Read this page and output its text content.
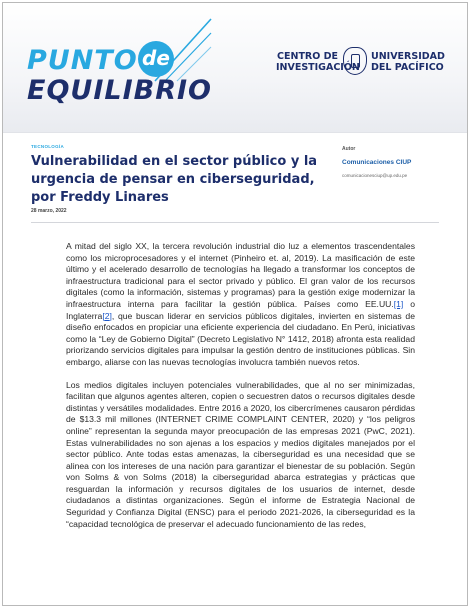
PUNTO de
EQUILIBRIO
CENTRO DE
INVESTIGACIÓN
UNIVERSIDAD
DEL PACÍFICO
TECNOLOGÍA
Vulnerabilidad en el sector público y la urgencia de pensar en ciberseguridad, por Freddy Linares
28 marzo, 2022
Autor
Comunicaciones CIUP
comunicacionesciup@up.edu.pe

A mitad del siglo XX, la tercera revolución industrial dio luz a elementos trascendentales como los microprocesadores y el internet (Pinheiro et. al, 2019). La masificación de este último y el acelerado desarrollo de tecnologías ha llegado a transformar los conceptos de infraestructura tradicional para el sector privado y público. El gran valor de los recursos digitales (como la información, sistemas y programas) para la gestión exige modernizar la infraestructura interna para facilitar la gestión pública. Países como EE.UU.[1] o Inglaterra[2], que buscan liderar en servicios públicos digitales, invierten en sistemas de diseño enfocados en propiciar una eficiente experiencia del ciudadano. En Perú, iniciativas como la “Ley de Gobierno Digital” (Decreto Legislativo N° 1412, 2018) afronta esta realidad priorizando servicios digitales para impulsar la gestión dentro de instituciones públicas. Sin embargo, aliarse con las nuevas tecnologías involucra también nuevos retos.

Los medios digitales incluyen potenciales vulnerabilidades, que al no ser minimizadas, facilitan que algunos agentes alteren, copien o secuestren datos o recursos digitales desde distintas y versátiles modalidades. Entre 2016 a 2020, los cibercrímenes causaron pérdidas de $13.3 mil millones (INTERNET CRIME COMPLAINT CENTER, 2020) y “los peligros online” representan la segunda mayor preocupación de las empresas 2021 (PwC, 2021). Estas vulnerabilidades no son ajenas a los espacios y medios digitales manejados por el sector público. Ante todas estas amenazas, la ciberseguridad es una necesidad que se alinea con los intereses de una nación para garantizar el bienestar de su población. Según von Solms & von Solms (2018) la ciberseguridad abarca estrategias y prácticas que resguardan la información y recursos digitales de los usuarios de internet, desde ciudadanos a distintas organizaciones. Según el informe de Estrategia Nacional de Seguridad y Confianza Digital (ENSC) para el periodo 2021-2026, la ciberseguridad es la “capacidad tecnológica de preservar el adecuado funcionamiento de las redes,
